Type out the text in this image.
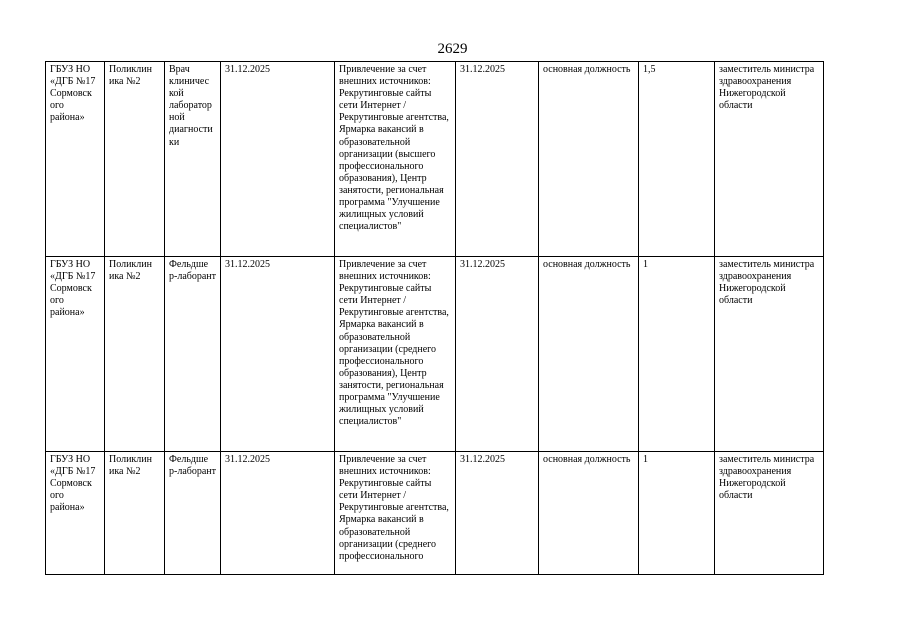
2629
ГБУЗ НО «ДГБ №17 Сормовск ого района»	Поликлин ика №2	Врач клиничес кой лаборатор ной диагности ки	31.12.2025	Привлечение за счет внешних источников: Рекрутинговые сайты сети Интернет / Рекрутинговые агентства, Ярмарка вакансий в образовательной организации (высшего профессионального образования), Центр занятости, региональная программа "Улучшение жилищных условий специалистов"	31.12.2025	основная должность	1,5	заместитель министра здравоохранения Нижегородской области
ГБУЗ НО «ДГБ №17 Сормовск ого района»	Поликлин ика №2	Фельдше р-лаборант	31.12.2025	Привлечение за счет внешних источников: Рекрутинговые сайты сети Интернет / Рекрутинговые агентства, Ярмарка вакансий в образовательной организации (среднего профессионального образования), Центр занятости, региональная программа "Улучшение жилищных условий специалистов"	31.12.2025	основная должность	1	заместитель министра здравоохранения Нижегородской области
ГБУЗ НО «ДГБ №17 Сормовск ого района»	Поликлин ика №2	Фельдше р-лаборант	31.12.2025	Привлечение за счет внешних источников: Рекрутинговые сайты сети Интернет / Рекрутинговые агентства, Ярмарка вакансий в образовательной организации (среднего профессионального	31.12.2025	основная должность	1	заместитель министра здравоохранения Нижегородской области
